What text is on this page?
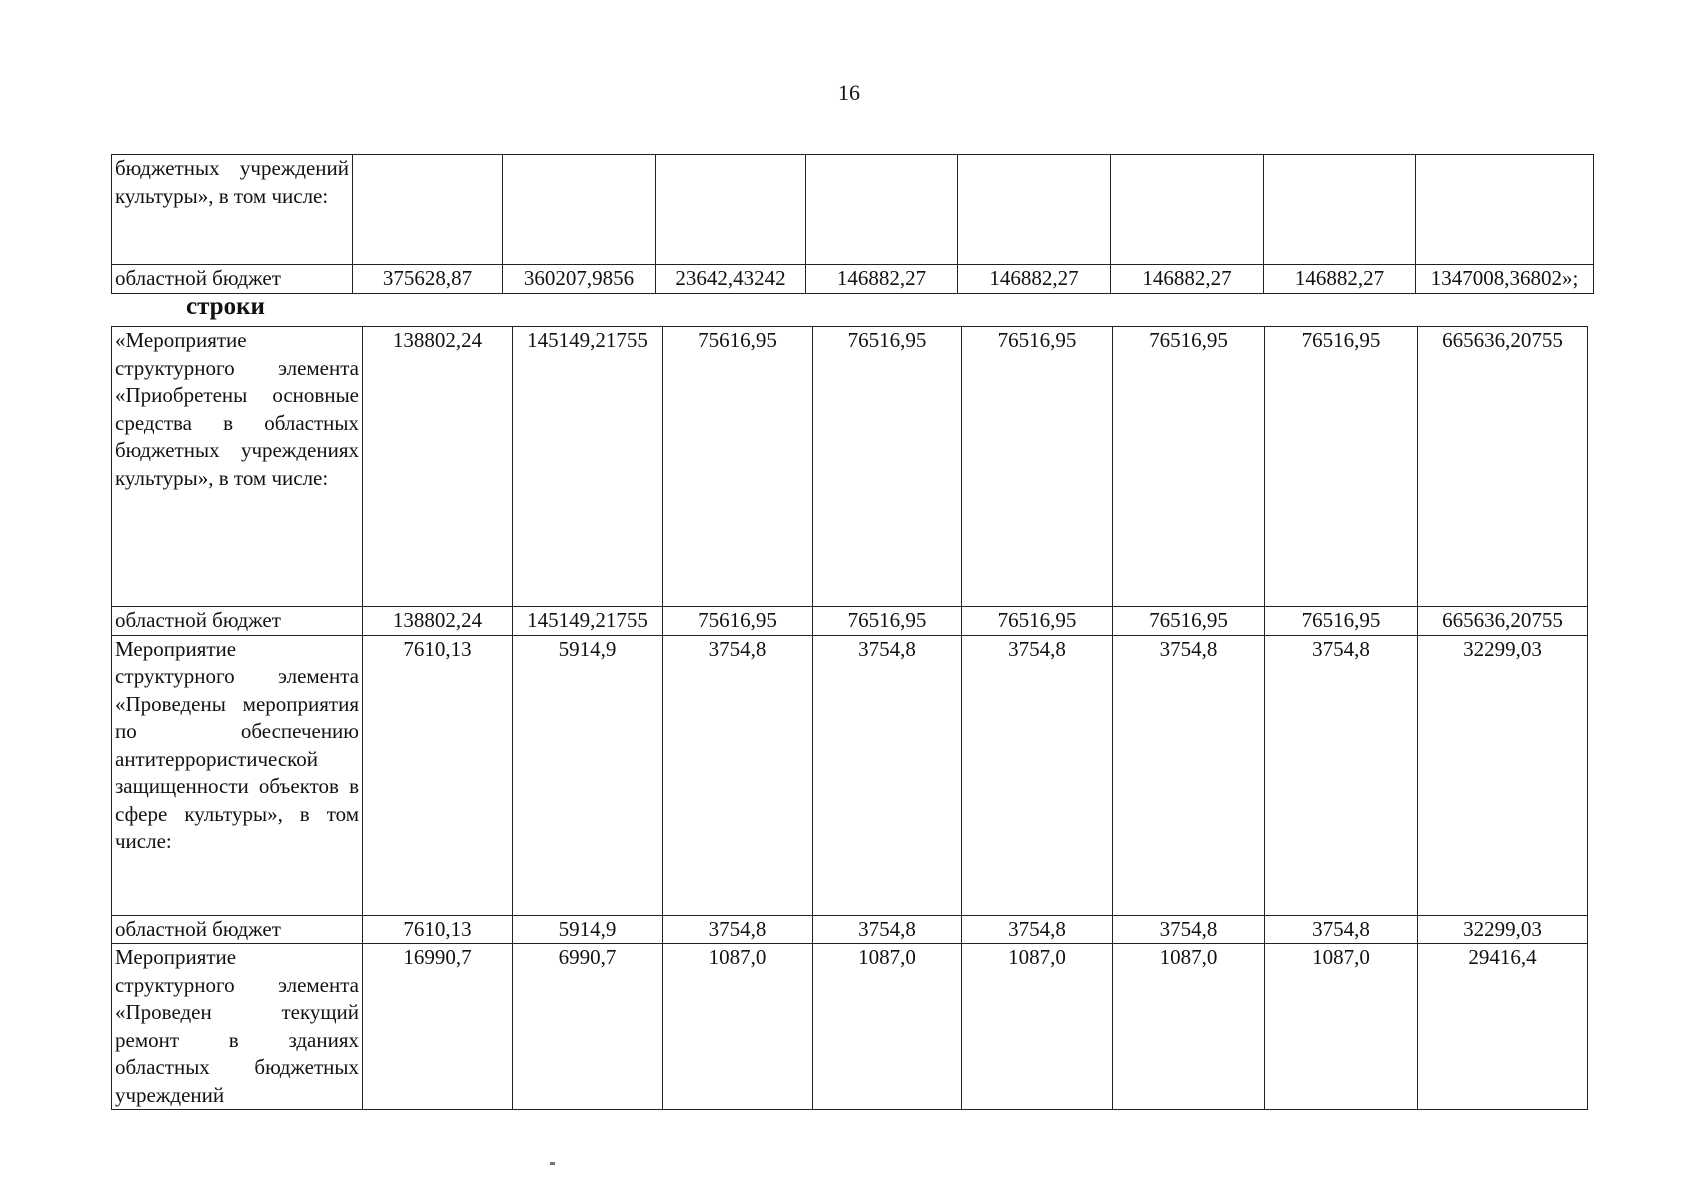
16
бюджетных учреждений культуры», в том числе:								
областной бюджет	375628,87	360207,9856	23642,43242	146882,27	146882,27	146882,27	146882,27	1347008,36802»;
строки
«Мероприятие структурного элемента «Приобретены основные средства в областных бюджетных учреждениях культуры», в том числе:	138802,24	145149,21755	75616,95	76516,95	76516,95	76516,95	76516,95	665636,20755
областной бюджет	138802,24	145149,21755	75616,95	76516,95	76516,95	76516,95	76516,95	665636,20755
Мероприятие структурного элемента «Проведены мероприятия по обеспечению антитеррористической защищенности объектов в сфере культуры», в том числе:	7610,13	5914,9	3754,8	3754,8	3754,8	3754,8	3754,8	32299,03
областной бюджет	7610,13	5914,9	3754,8	3754,8	3754,8	3754,8	3754,8	32299,03
Мероприятие структурного элемента «Проведен текущий ремонт в зданиях областных бюджетных учреждений	16990,7	6990,7	1087,0	1087,0	1087,0	1087,0	1087,0	29416,4
